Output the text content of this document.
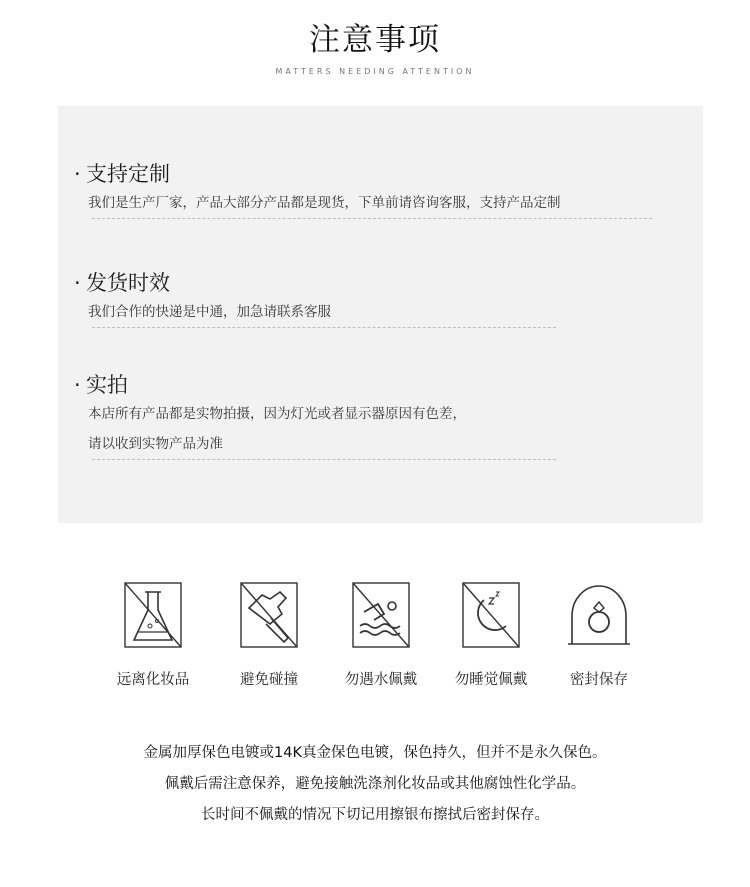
注意事项
MATTERS NEEDING ATTENTION
· 支持定制
我们是生产厂家，产品大部分产品都是现货，下单前请咨询客服，支持产品定制
· 发货时效
我们合作的快递是中通，加急请联系客服
· 实拍
本店所有产品都是实物拍摄，因为灯光或者显示器原因有色差，
请以收到实物产品为准
远离化妆品	避免碰撞	勿遇水佩戴	勿睡觉佩戴	密封保存
金属加厚保色电镀或14K真金保色电镀，保色持久，但并不是永久保色。
佩戴后需注意保养，避免接触洗涤剂化妆品或其他腐蚀性化学品。
长时间不佩戴的情况下切记用擦银布擦拭后密封保存。
